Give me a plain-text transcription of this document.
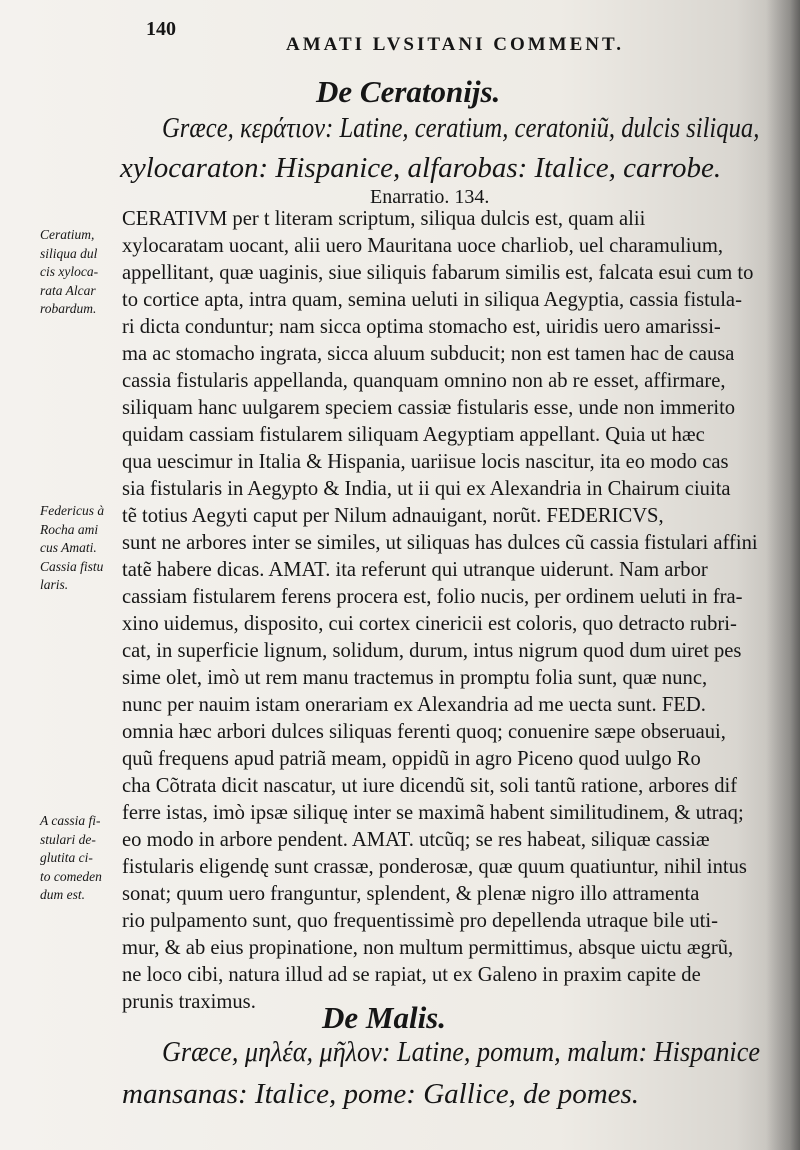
140
AMATI LVSITANI COMMENT.
De Ceratonijs.
Græce, κεράτιον: Latine, ceratium, ceratoniũ, dulcis siliqua,
xylocaraton: Hispanice, alfarobas: Italice, carrobe.
Enarratio. 134.
CERATIVM per t literam scriptum, siliqua dulcis est, quam alii
xylocaratam uocant, alii uero Mauritana uoce charliob, uel charamulium,
appellitant, quæ uaginis, siue siliquis fabarum similis est, falcata esui cum to
to cortice apta, intra quam, semina ueluti in siliqua Aegyptia, cassia fistula-
ri dicta conduntur; nam sicca optima stomacho est, uiridis uero amarissi-
ma ac stomacho ingrata, sicca aluum subducit; non est tamen hac de causa
cassia fistularis appellanda, quanquam omnino non ab re esset, affirmare,
siliquam hanc uulgarem speciem cassiæ fistularis esse, unde non immerito
quidam cassiam fistularem siliquam Aegyptiam appellant. Quia ut hæc
qua uescimur in Italia & Hispania, uariisue locis nascitur, ita eo modo cas
sia fistularis in Aegypto & India, ut ii qui ex Alexandria in Chairum ciuita
tẽ totius Aegyti caput per Nilum adnauigant, norũt. FEDERICVS,
sunt ne arbores inter se similes, ut siliquas has dulces cũ cassia fistulari affini
tatẽ habere dicas. AMAT. ita referunt qui utranque uiderunt. Nam arbor
cassiam fistularem ferens procera est, folio nucis, per ordinem ueluti in fra-
xino uidemus, disposito, cui cortex cinericii est coloris, quo detracto rubri-
cat, in superficie lignum, solidum, durum, intus nigrum quod dum uiret pes
sime olet, imò ut rem manu tractemus in promptu folia sunt, quæ nunc,
nunc per nauim istam onerariam ex Alexandria ad me uecta sunt. FED.
omnia hæc arbori dulces siliquas ferenti quoq; conuenire sæpe obseruaui,
quũ frequens apud patriã meam, oppidũ in agro Piceno quod uulgo Ro
cha Cõtrata dicit nascatur, ut iure dicendũ sit, soli tantũ ratione, arbores dif
ferre istas, imò ipsæ siliquę inter se maximã habent similitudinem, & utraq;
eo modo in arbore pendent. AMAT. utcũq; se res habeat, siliquæ cassiæ
fistularis eligendę sunt crassæ, ponderosæ, quæ quum quatiuntur, nihil intus
sonat; quum uero franguntur, splendent, & plenæ nigro illo attramenta
rio pulpamento sunt, quo frequentissimè pro depellenda utraque bile uti-
mur, & ab eius propinatione, non multum permittimus, absque uictu ægrũ,
ne loco cibi, natura illud ad se rapiat, ut ex Galeno in praxim capite de
prunis traximus.
Ceratium,
siliqua dul
cis xyloca-
rata Alcar
robardum.
Federicus à
Rocha ami
cus Amati.
Cassia fistu
laris.
A cassia fi-
stulari de-
glutita ci-
to comeden
dum est.
De Malis.
Græce, μηλέα, μῆλον: Latine, pomum, malum: Hispanice
mansanas: Italice, pome: Gallice, de pomes.
